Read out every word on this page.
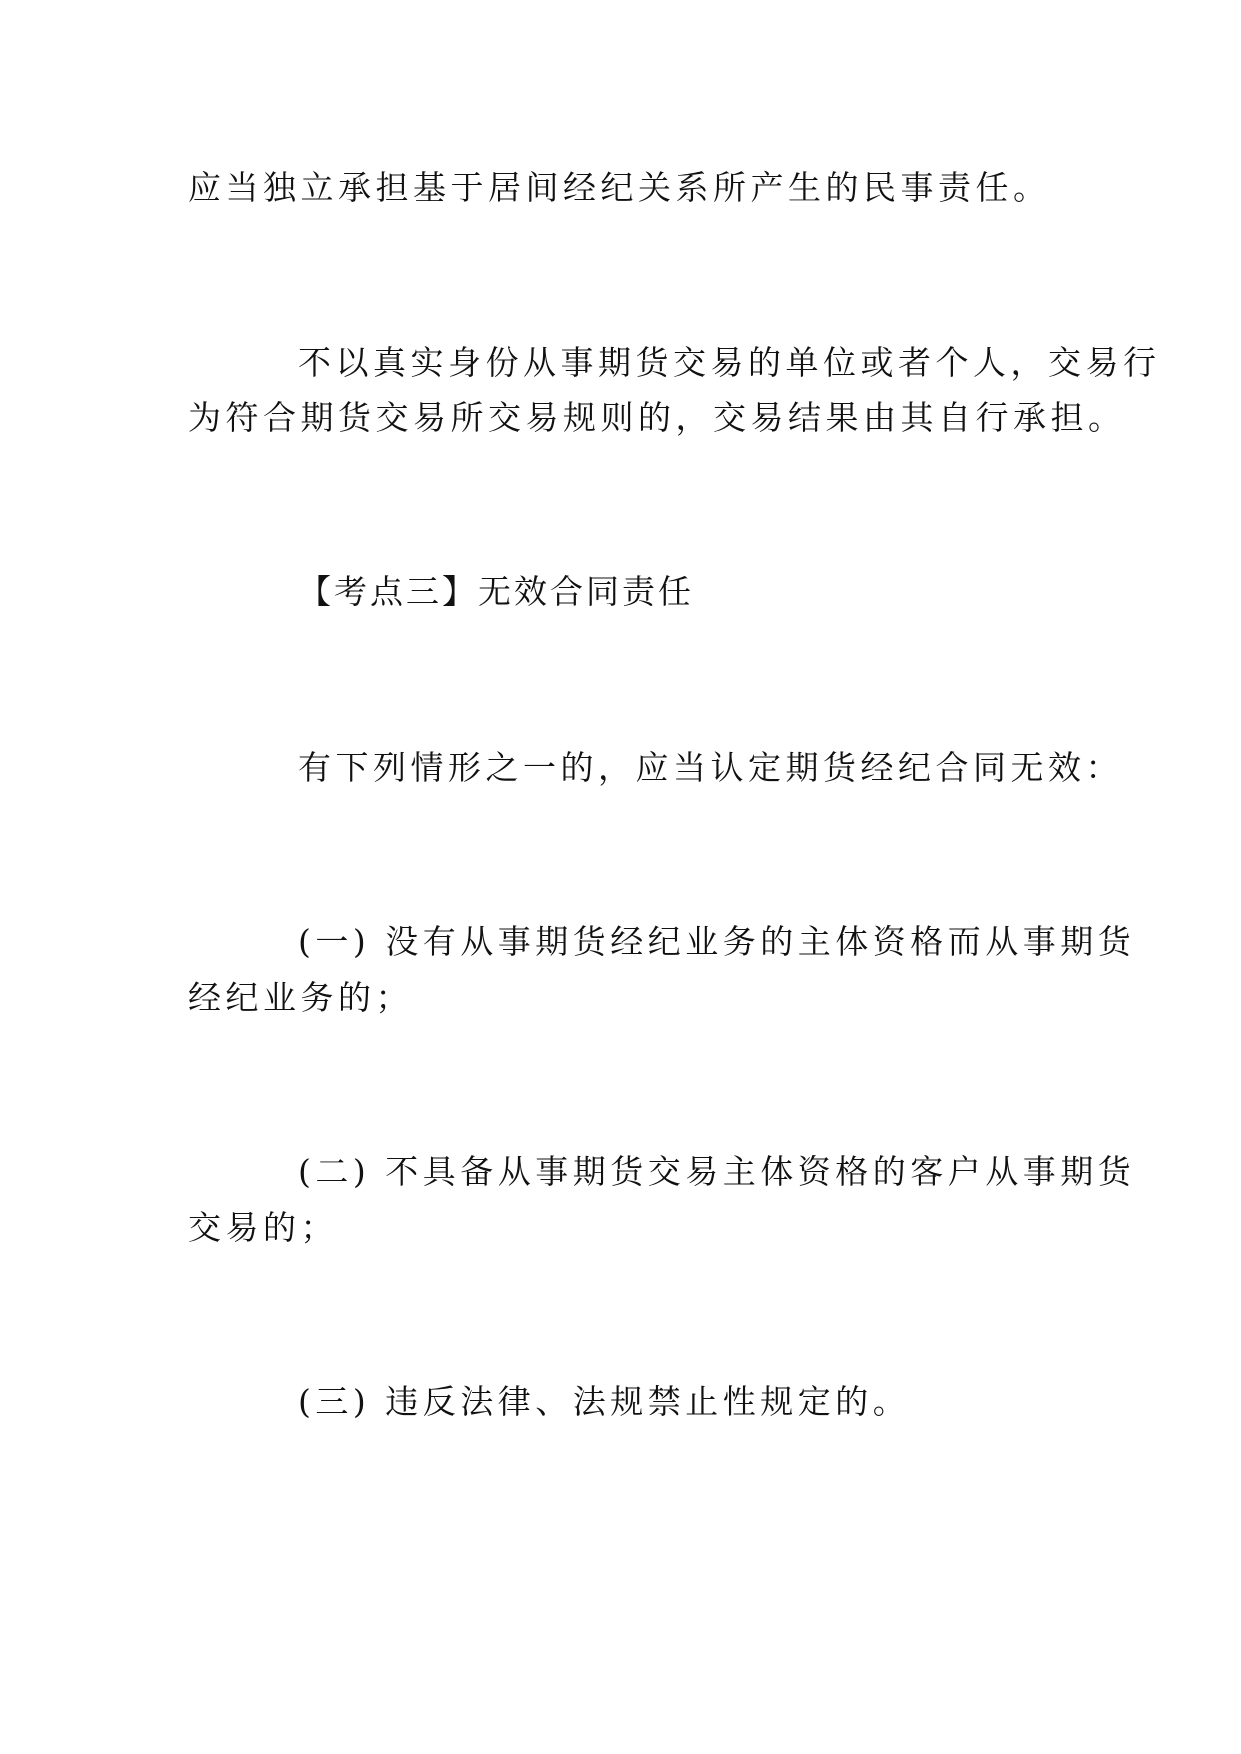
应当独立承担基于居间经纪关系所产生的民事责任。
不以真实身份从事期货交易的单位或者个人，交易行
为符合期货交易所交易规则的，交易结果由其自行承担。
【考点三】无效合同责任
有下列情形之一的，应当认定期货经纪合同无效：
(一) 没有从事期货经纪业务的主体资格而从事期货
经纪业务的；
(二) 不具备从事期货交易主体资格的客户从事期货
交易的；
(三) 违反法律、法规禁止性规定的。
